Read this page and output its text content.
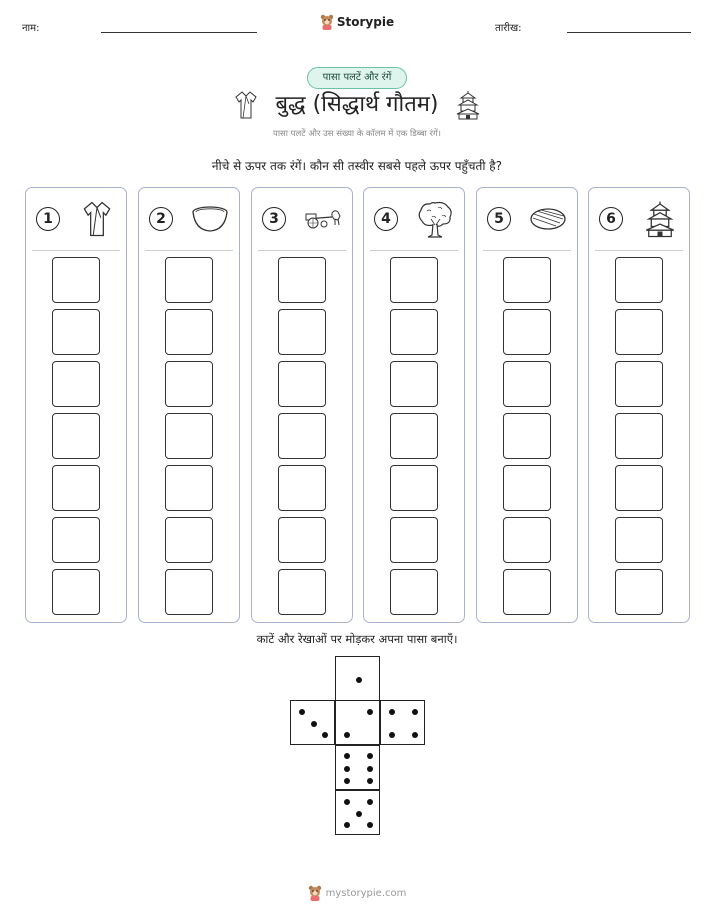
नाम:	Storypie	तारीख:
पासा पलटें और रंगें
बुद्ध (सिद्धार्थ गौतम)
पासा पलटें और उस संख्या के कॉलम में एक डिब्बा रंगें।
नीचे से ऊपर तक रंगें। कौन सी तस्वीर सबसे पहले ऊपर पहुँचती है?
1	2	3	4	5	6
काटें और रेखाओं पर मोड़कर अपना पासा बनाएँ।
mystorypie.com
